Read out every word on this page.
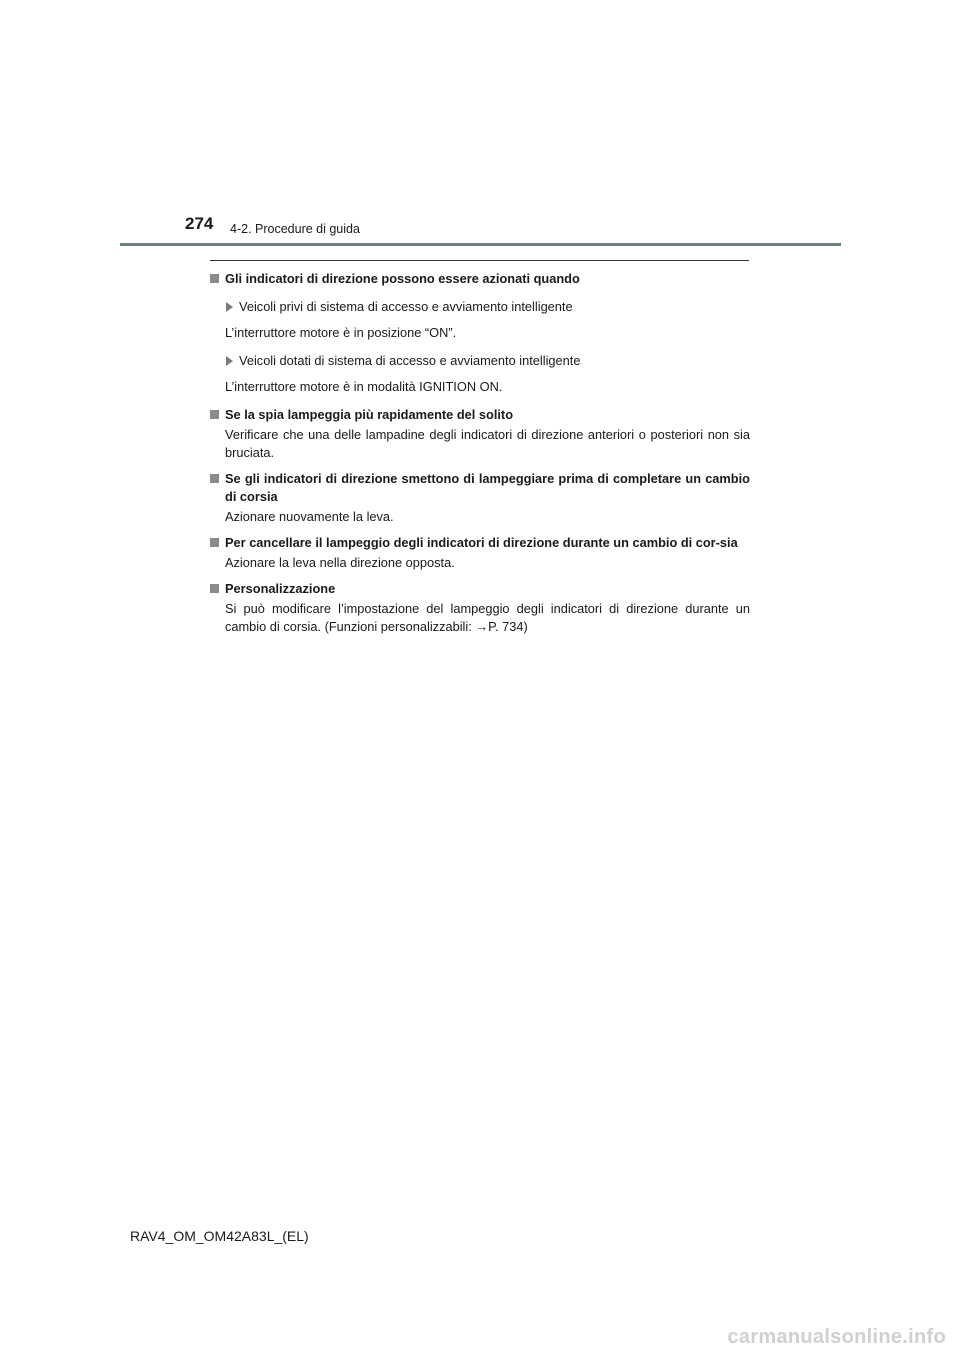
274 4-2. Procedure di guida
Gli indicatori di direzione possono essere azionati quando
Veicoli privi di sistema di accesso e avviamento intelligente
L’interruttore motore è in posizione “ON”.
Veicoli dotati di sistema di accesso e avviamento intelligente
L’interruttore motore è in modalità IGNITION ON.
Se la spia lampeggia più rapidamente del solito
Verificare che una delle lampadine degli indicatori di direzione anteriori o posteriori non sia bruciata.
Se gli indicatori di direzione smettono di lampeggiare prima di completare un cambio di corsia
Azionare nuovamente la leva.
Per cancellare il lampeggio degli indicatori di direzione durante un cambio di cor-sia
Azionare la leva nella direzione opposta.
Personalizzazione
Si può modificare l’impostazione del lampeggio degli indicatori di direzione durante un cambio di corsia. (Funzioni personalizzabili: →P. 734)
RAV4_OM_OM42A83L_(EL)
carmanualsonline.info
